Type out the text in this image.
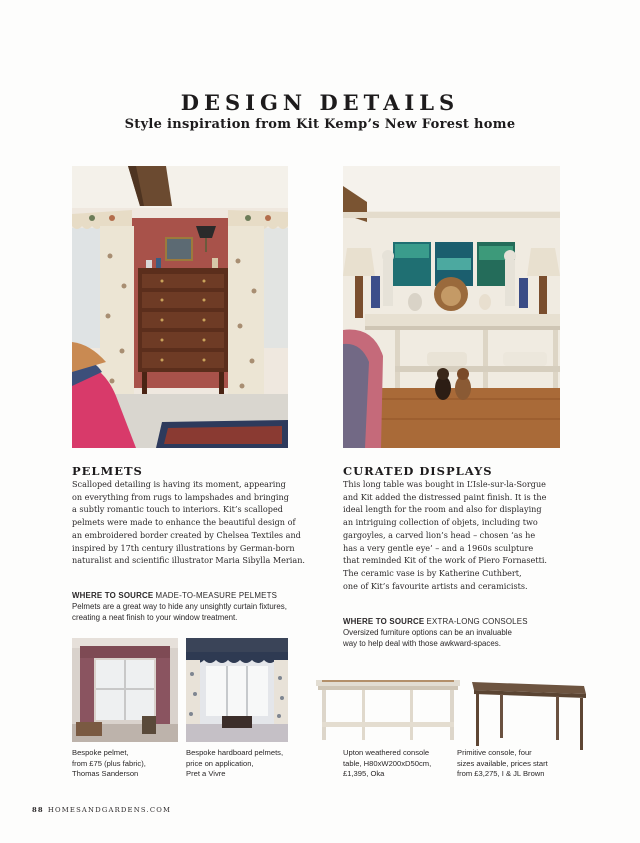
DESIGN DETAILS
Style inspiration from Kit Kemp’s New Forest home
PELMETS
Scalloped detailing is having its moment, appearing
on everything from rugs to lampshades and bringing
a subtly romantic touch to interiors. Kit’s scalloped
pelmets were made to enhance the beautiful design of
an embroidered border created by Chelsea Textiles and
inspired by 17th century illustrations by German-born
naturalist and scientific illustrator Maria Sibylla Merian.
WHERE TO SOURCE MADE-TO-MEASURE PELMETS
Pelmets are a great way to hide any unsightly curtain fixtures,
creating a neat finish to your window treatment.
CURATED DISPLAYS
This long table was bought in L’Isle-sur-la-Sorgue
and Kit added the distressed paint finish. It is the
ideal length for the room and also for displaying
an intriguing collection of objets, including two
gargoyles, a carved lion’s head – chosen ‘as he
has a very gentle eye’ – and a 1960s sculpture
that reminded Kit of the work of Piero Fornasetti.
The ceramic vase is by Katherine Cuthbert,
one of Kit’s favourite artists and ceramicists.
WHERE TO SOURCE EXTRA-LONG CONSOLES
Oversized furniture options can be an invaluable
way to help deal with those awkward-spaces.
Bespoke pelmet,
from £75 (plus fabric),
Thomas Sanderson
Bespoke hardboard pelmets,
price on application,
Pret a Vivre
Upton weathered console
table, H80xW200xD50cm,
£1,395, Oka
Primitive console, four
sizes available, prices start
from £3,275, I & JL Brown
88 HOMESANDGARDENS.COM
